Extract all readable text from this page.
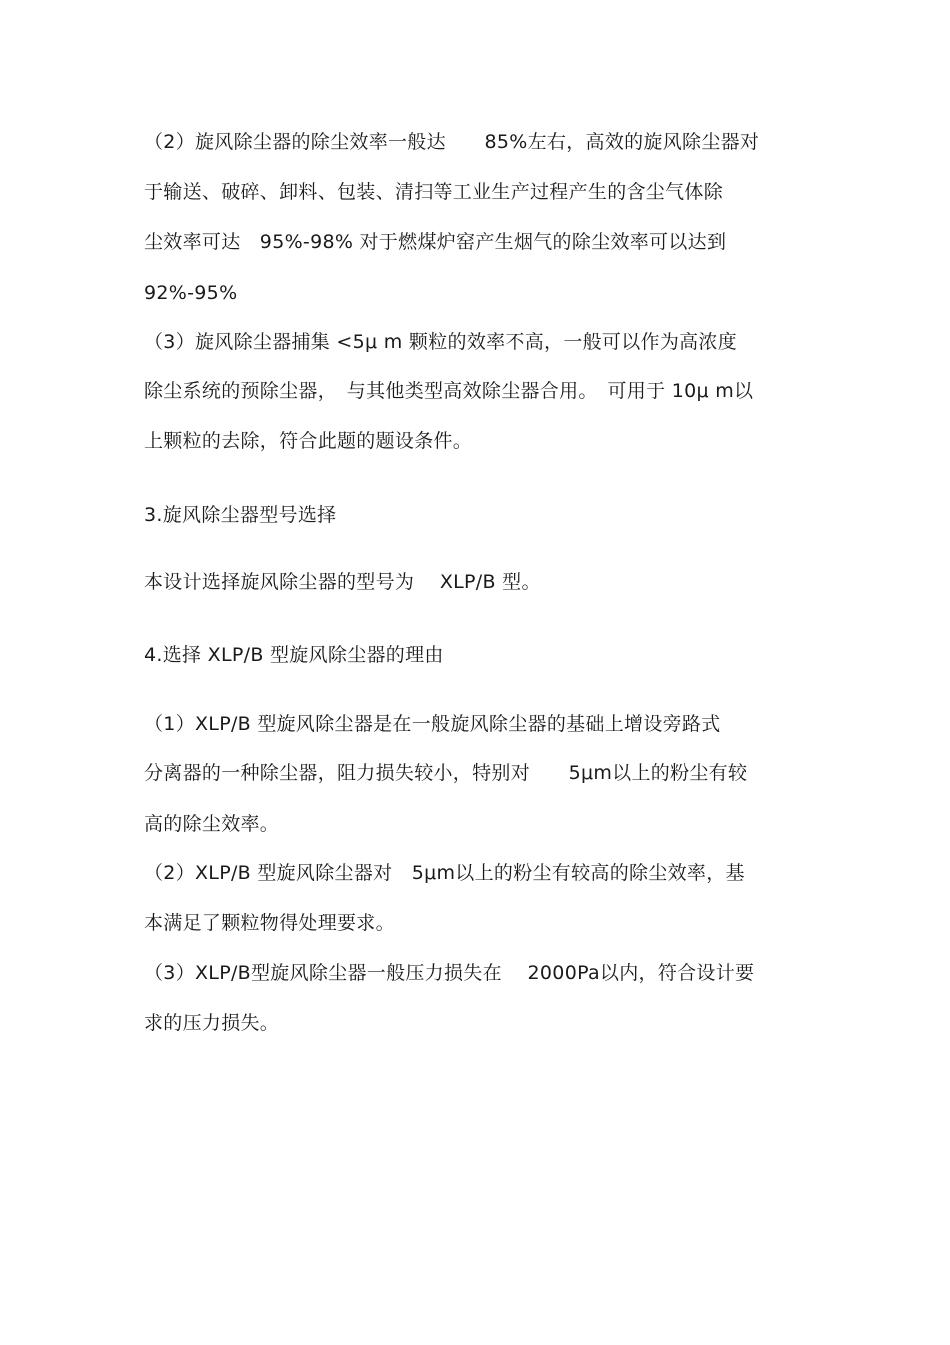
（2）旋风除尘器的除尘效率一般达　　85%左右，高效的旋风除尘器对
于输送、破碎、卸料、包装、清扫等工业生产过程产生的含尘气体除
尘效率可达　95%-98% 对于燃煤炉窑产生烟气的除尘效率可以达到
92%-95%
（3）旋风除尘器捕集 <5μ m 颗粒的效率不高，一般可以作为高浓度
除尘系统的预除尘器，　与其他类型高效除尘器合用。　可用于 10μ m以
上颗粒的去除，符合此题的题设条件。
3.旋风除尘器型号选择
本设计选择旋风除尘器的型号为　 XLP/B 型。
4.选择 XLP/B 型旋风除尘器的理由
（1）XLP/B 型旋风除尘器是在一般旋风除尘器的基础上增设旁路式
分离器的一种除尘器，阻力损失较小，特别对　　5μm以上的粉尘有较
高的除尘效率。
（2）XLP/B 型旋风除尘器对　5μm以上的粉尘有较高的除尘效率，基
本满足了颗粒物得处理要求。
（3）XLP/B型旋风除尘器一般压力损失在　 2000Pa以内，符合设计要
求的压力损失。
